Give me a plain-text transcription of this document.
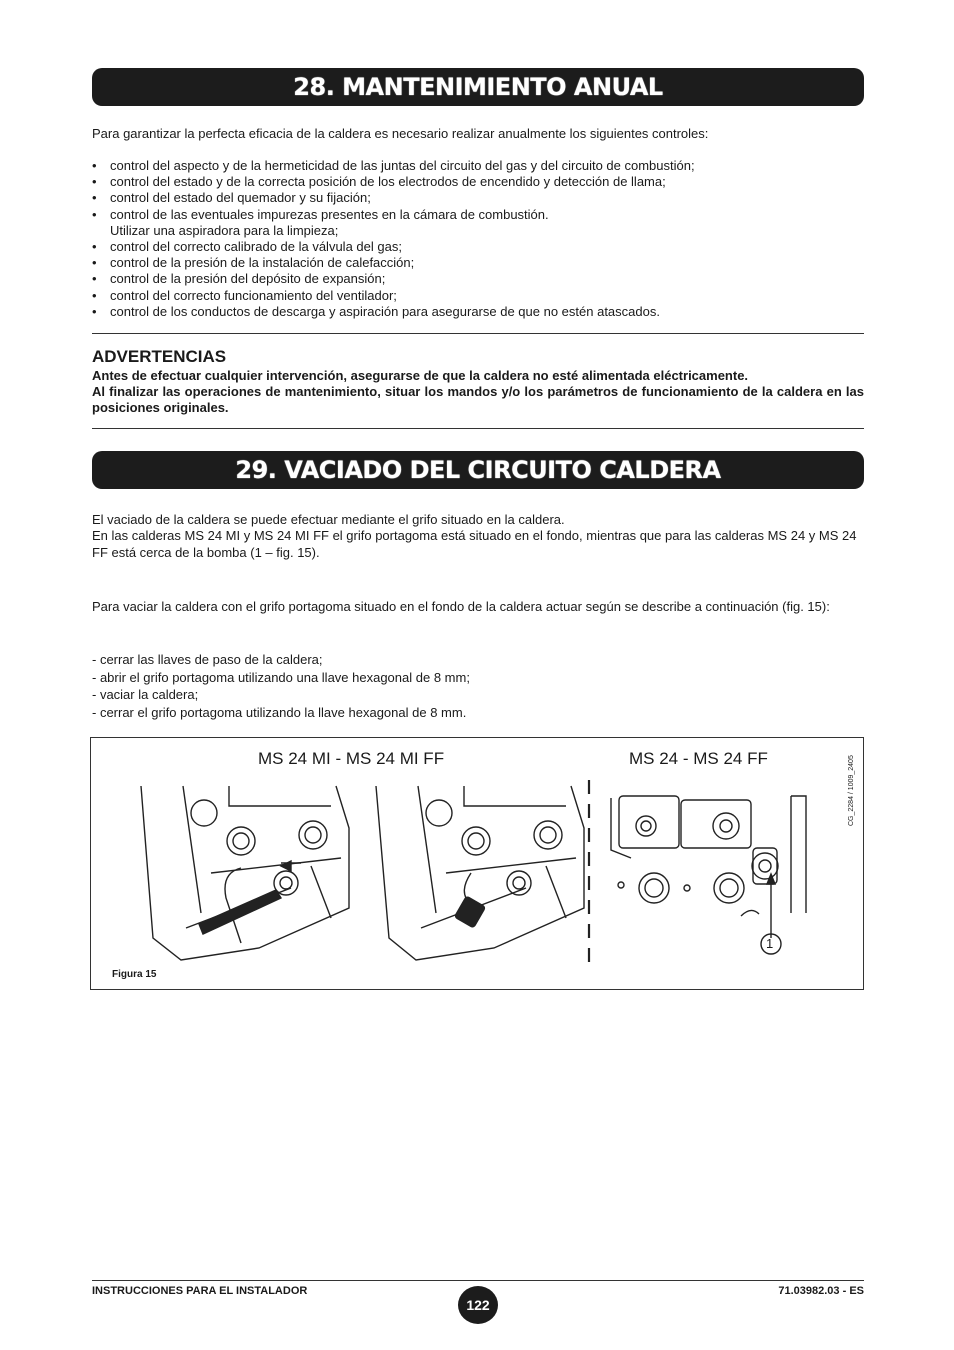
28. MANTENIMIENTO ANUAL

Para garantizar la perfecta eficacia de la caldera es necesario realizar anualmente los siguientes controles:

• control del aspecto y de la hermeticidad de las juntas del circuito del gas y del circuito de combustión;
• control del estado y de la correcta posición de los electrodos de encendido y detección de llama;
• control del estado del quemador y su fijación;
• control de las eventuales impurezas presentes en la cámara de combustión.
Utilizar una aspiradora para la limpieza;
• control del correcto calibrado de la válvula del gas;
• control de la presión de la instalación de calefacción;
• control de la presión del depósito de expansión;
• control del correcto funcionamiento del ventilador;
• control de los conductos de descarga y aspiración para asegurarse de que no estén atascados.
ADVERTENCIAS
Antes de efectuar cualquier intervención, asegurarse de que la caldera no esté alimentada eléctricamente.
Al finalizar las operaciones de mantenimiento, situar los mandos y/o los parámetros de funcionamiento de la caldera en las posiciones originales.
29. VACIADO DEL CIRCUITO CALDERA
El vaciado de la caldera se puede efectuar mediante el grifo situado en la caldera.
En las calderas MS 24 MI y MS 24 MI FF el grifo portagoma está situado en el fondo, mientras que para las calderas MS 24 y MS 24
FF está cerca de la bomba (1 – fig. 15).

Para vaciar la caldera con el grifo portagoma situado en el fondo de la caldera actuar según se describe a continuación (fig. 15):

- cerrar las llaves de paso de la caldera;
- abrir el grifo portagoma utilizando una llave hexagonal de 8 mm;
- vaciar la caldera;
- cerrar el grifo portagoma utilizando la llave hexagonal de 8 mm.
MS 24 MI - MS 24 MI FF	MS 24 - MS 24 FF	CG_2284 / 1009_2405
1
Figura 15
INSTRUCCIONES PARA EL INSTALADOR
122
71.03982.03 - ES
